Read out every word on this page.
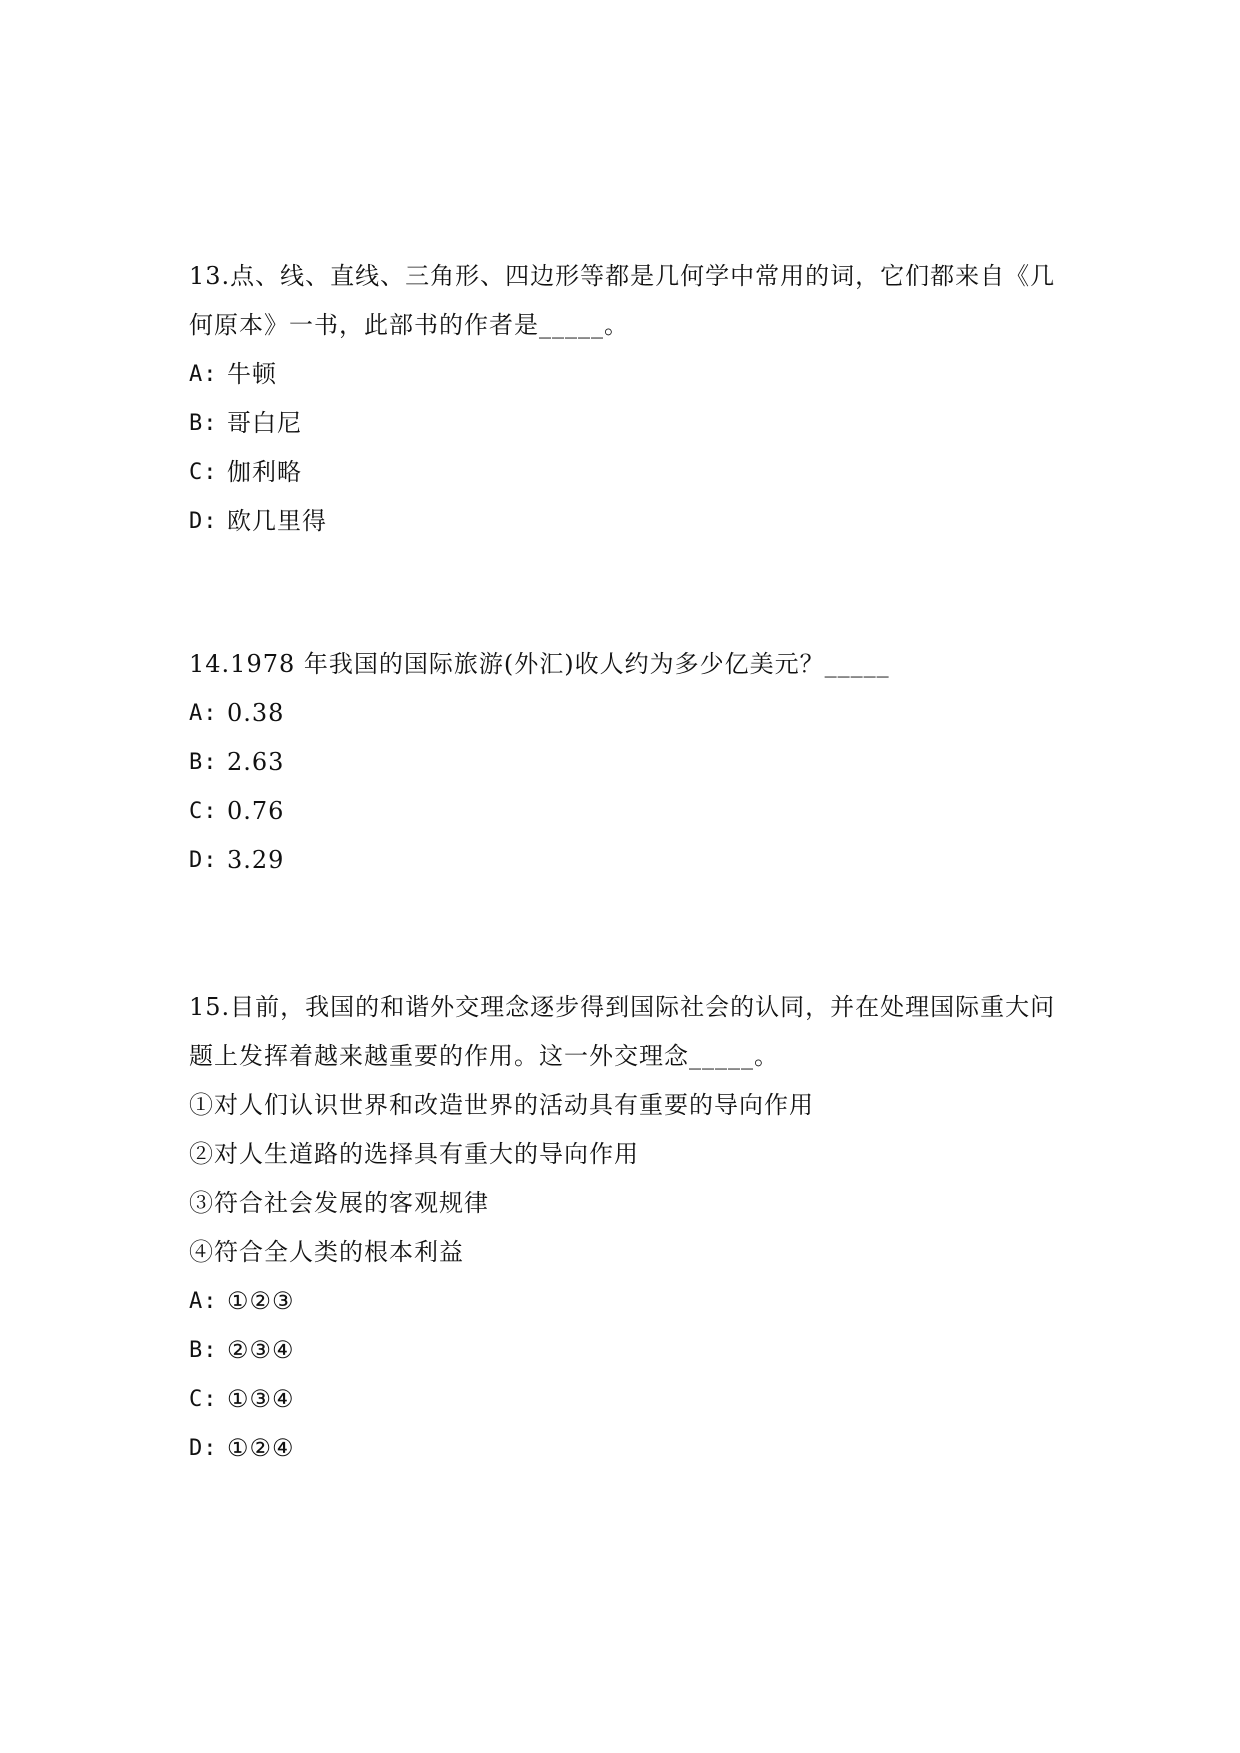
13.点、线、直线、三角形、四边形等都是几何学中常用的词，它们都来自《几何原本》一书，此部书的作者是_____。

A: 牛顿
B: 哥白尼
C: 伽利略
D: 欧几里得

14.1978 年我国的国际旅游(外汇)收人约为多少亿美元？_____

A: 0.38
B: 2.63
C: 0.76
D: 3.29

15.目前，我国的和谐外交理念逐步得到国际社会的认同，并在处理国际重大问题上发挥着越来越重要的作用。这一外交理念_____。

①对人们认识世界和改造世界的活动具有重要的导向作用

②对人生道路的选择具有重大的导向作用

③符合社会发展的客观规律

④符合全人类的根本利益

A: ①②③
B: ②③④
C: ①③④
D: ①②④
